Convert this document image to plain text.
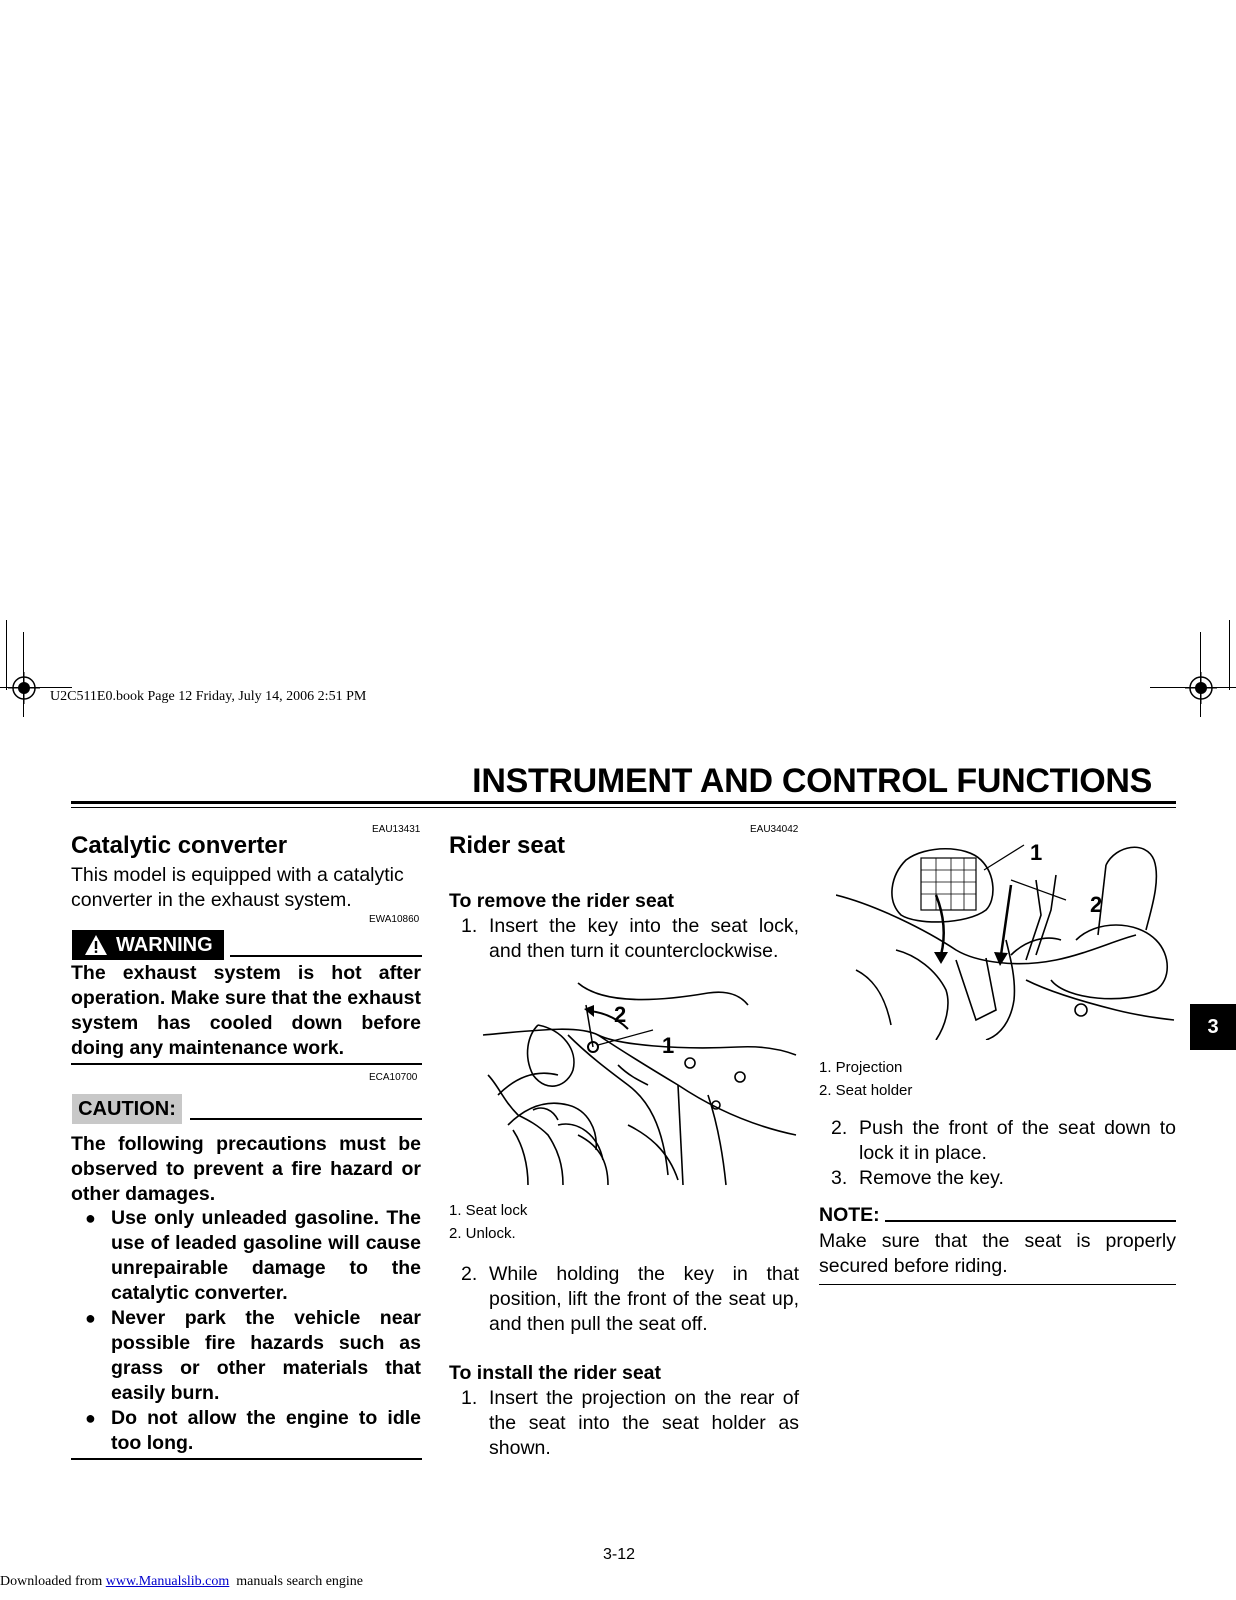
U2C511E0.book Page 12 Friday, July 14, 2006 2:51 PM
INSTRUMENT AND CONTROL FUNCTIONS
EAU13431
Catalytic converter
This model is equipped with a catalytic converter in the exhaust system.
EWA10860
WARNING
The exhaust system is hot after operation. Make sure that the exhaust system has cooled down before doing any maintenance work.
ECA10700
CAUTION:
The following precautions must be observed to prevent a fire hazard or other damages.
● Use only unleaded gasoline. The use of leaded gasoline will cause unrepairable damage to the catalytic converter.
● Never park the vehicle near possible fire hazards such as grass or other materials that easily burn.
● Do not allow the engine to idle too long.
EAU34042
Rider seat
To remove the rider seat
1. Insert the key into the seat lock, and then turn it counterclockwise.
2
1
1. Seat lock
2. Unlock.
2. While holding the key in that position, lift the front of the seat up, and then pull the seat off.
To install the rider seat
1. Insert the projection on the rear of the seat into the seat holder as shown.
1
2
1. Projection
2. Seat holder
2. Push the front of the seat down to lock it in place.
3. Remove the key.
NOTE:
Make sure that the seat is properly secured before riding.
3
3-12
Downloaded from www.Manualslib.com  manuals search engine
